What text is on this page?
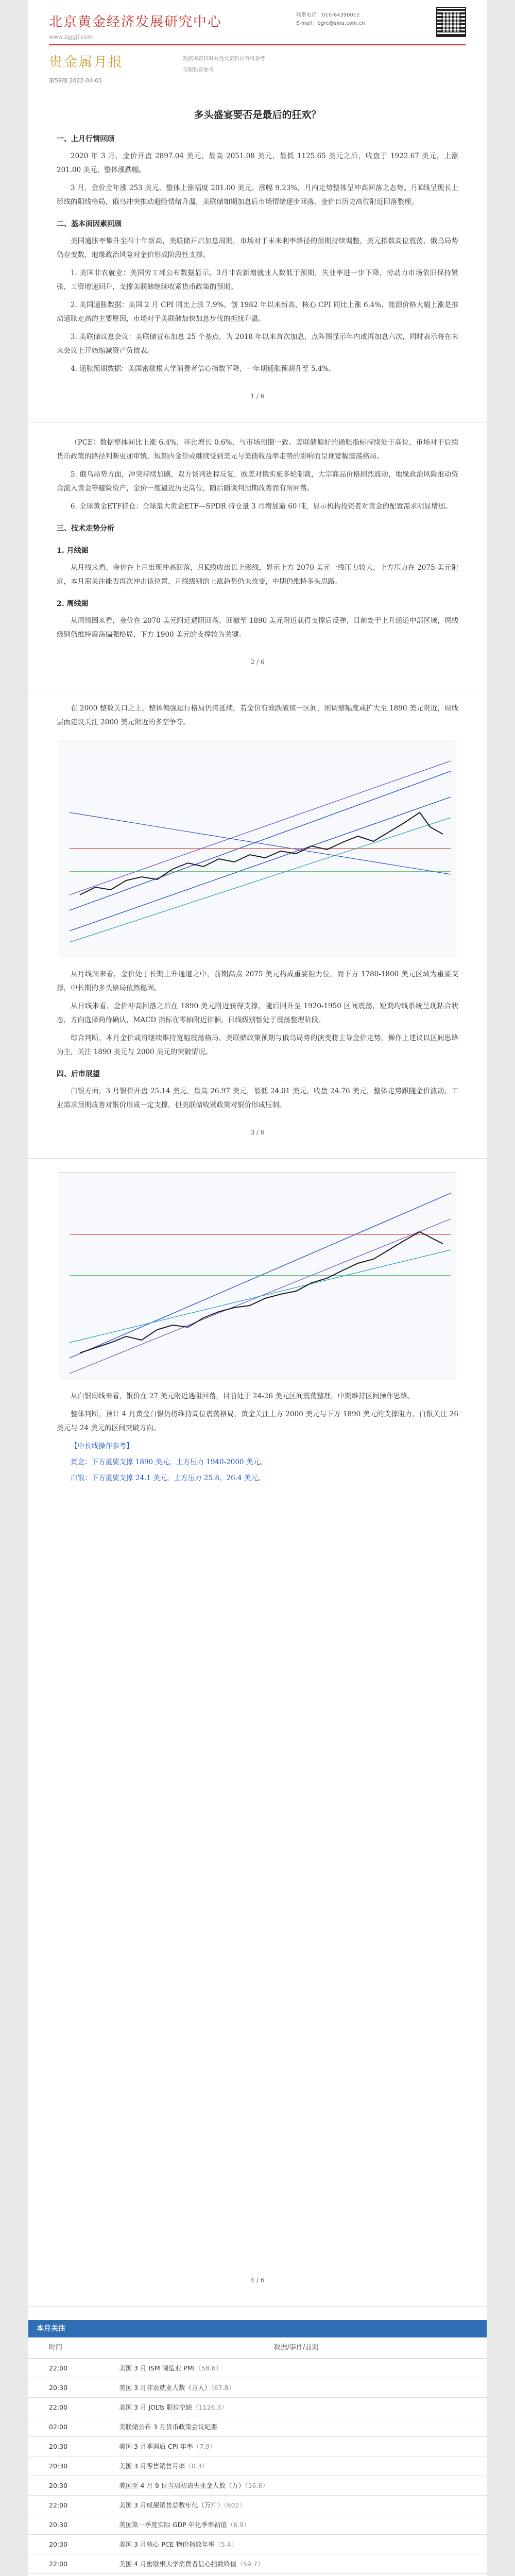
北京黄金经济发展研究中心
www.zgjgjf.com
联系电话：010-64390012
E-mail：bgrc@sina.com.cn
贵金属月报	数据库资料时效性及资料内容可参考
仅限投资参考
第59期 2022-04-01
多头盛宴要否是最后的狂欢？
一、上月行情回顾

2020 年 3 月，金价开盘 2897.04 美元，最高 2051.08 美元，最低 1125.65 美元之后，收盘于 1922.67 美元，上涨 201.00 美元，整体涨跌幅。

3 月，金价全年涨 253 美元，整体上涨幅度 201.00 美元，涨幅 9.23%，月内走势整体呈冲高回落之态势。月K线呈现长上影线的阳线格局，俄乌冲突推动避险情绪升温，美联储如期加息后市场情绪逐步回落，金价自历史高位附近回落整理。

二、基本面因素回顾

美国通胀率攀升至四十年新高，美联储开启加息周期，市场对于未来利率路径的预期持续调整，美元指数高位震荡，俄乌局势仍存变数，地缘政治风险对金价形成阶段性支撑。

1. 美国非农就业：美国劳工部公布数据显示，3月非农新增就业人数低于预期，失业率进一步下降，劳动力市场依旧保持紧张，工资增速回升，支撑美联储继续收紧货币政策的预期。

2. 美国通胀数据：美国 2 月 CPI 同比上涨 7.9%，创 1982 年以来新高，核心 CPI 同比上涨 6.4%，能源价格大幅上涨是推动通胀走高的主要原因，市场对于美联储加快加息步伐的担忧升温。

3. 美联储议息会议：美联储宣布加息 25 个基点，为 2018 年以来首次加息，点阵图显示年内或再加息六次，同时表示将在未来会议上开始缩减资产负债表。

4. 通胀预期数据：美国密歇根大学消费者信心指数下降，一年期通胀预期升至 5.4%。

1 / 6

（PCE）数据整体同比上涨 6.4%，环比增长 0.6%，与市场预期一致。美联储偏好的通胀指标持续处于高位，市场对于后续货币政策的路径判断更加审慎，短期内金价或继续受到美元与美债收益率走势的影响而呈现宽幅震荡格局。

5. 俄乌局势方面，冲突持续加剧，双方谈判进程反复，欧美对俄实施多轮制裁，大宗商品价格剧烈波动，地缘政治风险推动资金流入黄金等避险资产，金价一度逼近历史高位，随后随谈判预期改善而有所回落。

6. 全球黄金ETF持仓：全球最大黄金ETF—SPDR 持仓量 3 月增加逾 60 吨，显示机构投资者对黄金的配置需求明显增加。

三、技术走势分析
1. 月线图

从月线来看，金价在上月出现冲高回落，月K线收出长上影线，显示上方 2070 美元一线压力较大，上方压力在 2075 美元附近，本月需关注能否再次冲击该位置，月线级别的上涨趋势仍未改变，中期仍维持多头思路。

2. 周线图

从周线图来看，金价在 2070 美元附近遇阻回落，回撤至 1890 美元附近获得支撑后反弹，目前处于上升通道中部区域，周线级别仍维持震荡偏强格局，下方 1900 美元的支撑较为关键。

2 / 6

在 2000 整数关口之上，整体偏强运行格局仍将延续，若金价有效跌破该一区间，则调整幅度或扩大至 1890 美元附近，周线层面建议关注 2000 美元附近的多空争夺。

从月线图来看，金价处于长期上升通道之中，前期高点 2075 美元构成重要阻力位，而下方 1780-1800 美元区域为重要支撑，中长期的多头格局依然稳固。

从日线来看，金价冲高回落之后在 1890 美元附近获得支撑，随后回升至 1920-1950 区间震荡，短期均线系统呈现粘合状态，方向选择尚待确认，MACD 指标在零轴附近徘徊，日线级别暂处于震荡整理阶段。

综合判断，本月金价或将继续维持宽幅震荡格局，美联储政策预期与俄乌局势的演变将主导金价走势，操作上建议以区间思路为主，关注 1890 美元与 2000 美元的突破情况。

四、后市展望

白银方面，3 月银价开盘 25.14 美元，最高 26.97 美元，最低 24.01 美元，收盘 24.76 美元，整体走势跟随金价波动，工业需求预期改善对银价形成一定支撑，但美联储收紧政策对银价形成压制。

3 / 6

从白银周线来看，银价在 27 美元附近遇阻回落，目前处于 24-26 美元区间震荡整理，中期维持区间操作思路。

整体判断，预计 4 月黄金白银仍将维持高位震荡格局，黄金关注上方 2000 美元与下方 1890 美元的支撑阻力，白银关注 26 美元与 24 美元的区间突破方向。

【中长线操作参考】
黄金：下方重要支撑 1890 美元，上方压力 1940-2000 美元。
白银：下方重要支撑 24.1 美元，上方压力 25.8、26.4 美元。
4 / 6
本月关注
时间	数据/事件/前期
22:00	美国 3 月 ISM 制造业 PMI（58.6）
20:30	美国 3 月非农就业人数（万人）（67.8）
22:00	美国 3 月 JOLTs 职位空缺（1126.3）
02:00	美联储公布 3 月货币政策会议纪要
20:30	美国 3 月季调后 CPI 年率（7.9）
20:30	美国 3 月零售销售月率（0.3）
20:30	美国至 4 月 9 日当周初请失业金人数（万）（16.6）
22:00	美国 3 月成屋销售总数年化（万户）（602）
20:30	美国第一季度实际 GDP 年化季率初值（6.9）
20:30	美国 3 月核心 PCE 物价指数年率（5.4）
22:00	美国 4 月密歇根大学消费者信心指数终值（59.7）
